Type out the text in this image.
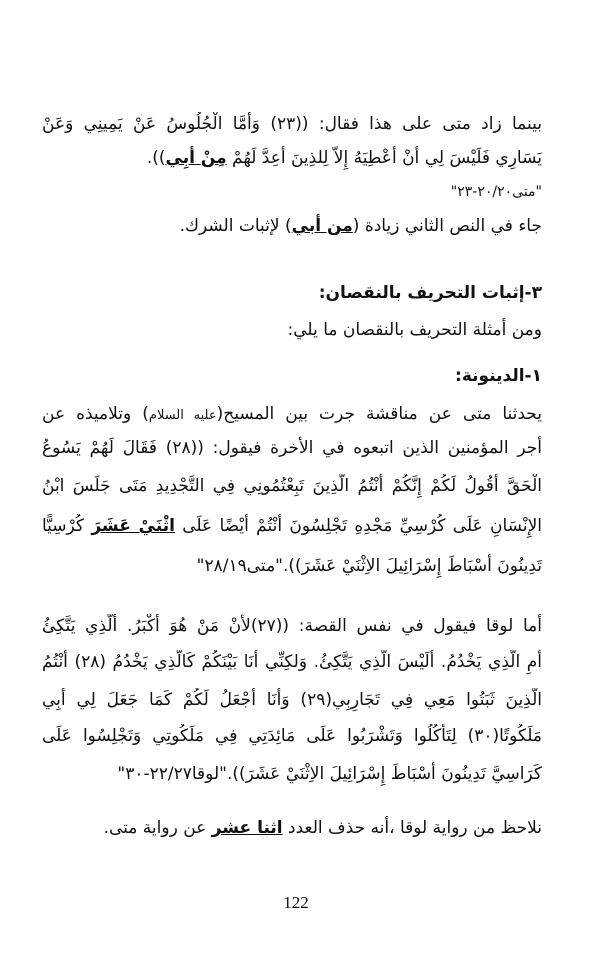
بينما زاد متى على هذا فقال: ((٢٣) وَأَمَّا الْجُلُوسُ عَنْ يَمِينِي وَعَنْ
يَسَارِي فَلَيْسَ لِي أَنْ أُعْطِيَهُ إِلاَّ لِلذِينَ أُعِدَّ لَهُمْ مِنْ أَبِي)).
"متى٢٠/٢٠-٢٣"
جاء في النص الثاني زيادة (من أبي) لإثبات الشرك.
٣-إثبات التحريف بالنقصان:
ومن أمثلة التحريف بالنقصان ما يلي:
١-الدينونة:
يحدثنا متى عن مناقشة جرت بين المسيح(عليه السلام) وتلاميذه عن
أجر المؤمنين الذين اتبعوه في الأخرة فيقول: ((٢٨) فَقَالَ لَهُمْ يَسُوعُ
الْحَقَّ أَقُولُ لَكُمْ إِنَّكُمْ أَنْتُمُ الَّذِينَ تَبِعْتُمُونِي فِي التَّجْدِيدِ مَتَى جَلَسَ ابْنُ
الإِنْسَانِ عَلَى كُرْسِيِّ مَجْدِهِ تَجْلِسُونَ أَنْتُمْ أَيْضًا عَلَى اثْنَيْ عَشَرَ كُرْسِيًّا
تَدِينُونَ أَسْبَاطَ إِسْرَائِيلَ الاِثْنَيْ عَشَرَ))."متى٢٨/١٩"
أما لوقا فيقول في نفس القصة: ((٢٧)لأَنْ مَنْ هُوَ أَكْبَرُ. أَلَّذِي يَتَّكِئُ
أَمِ الَّذِي يَخْدُمُ. أَلَيْسَ الَّذِي يَتَّكِئُ. وَلكِنِّي أَنَا بَيْنَكُمْ كَالَّذِي يَخْدُمُ (٢٨) أَنْتُمُ
الَّذِينَ ثَبَتُوا مَعِي فِي تَجَارِبِي(٢٩) وَأَنَا أَجْعَلُ لَكُمْ كَمَا جَعَلَ لِي أَبِي
مَلَكُوتًا(٣٠) لِتَأْكُلُوا وَتَشْرَبُوا عَلَى مَائِدَتِي فِي مَلَكُوتِي وَتَجْلِسُوا عَلَى
كَرَاسِيَّ تَدِينُونَ أَسْبَاطَ إِسْرَائِيلَ الاِثْنَيْ عَشَرَ))."لوقا٢٢/٢٧-٣٠"
نلاحظ من رواية لوقا ،أنه حذف العدد اثنا عشر عن رواية متى.
122
